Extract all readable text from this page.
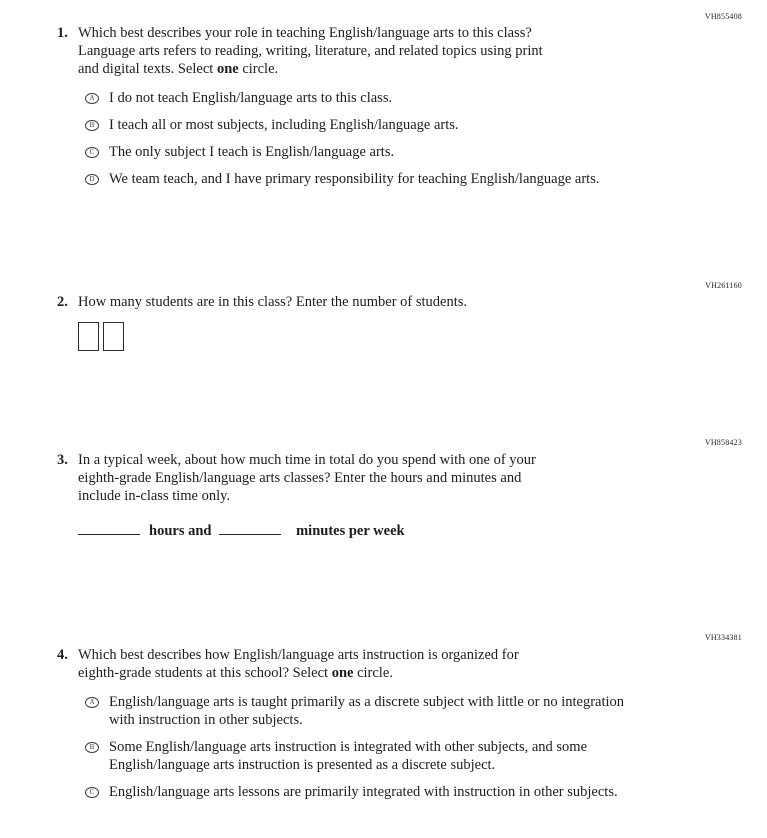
VH855408
1. Which best describes your role in teaching English/language arts to this class?
Language arts refers to reading, writing, literature, and related topics using print
and digital texts. Select one circle.
A I do not teach English/language arts to this class.
B I teach all or most subjects, including English/language arts.
C The only subject I teach is English/language arts.
D We team teach, and I have primary responsibility for teaching English/language arts.
VH261160
2. How many students are in this class? Enter the number of students.
VH858423
3. In a typical week, about how much time in total do you spend with one of your
eighth-grade English/language arts classes? Enter the hours and minutes and
include in-class time only.
hours and	minutes per week
VH334381
4. Which best describes how English/language arts instruction is organized for
eighth-grade students at this school? Select one circle.
A English/language arts is taught primarily as a discrete subject with little or no integration
with instruction in other subjects.
B Some English/language arts instruction is integrated with other subjects, and some
English/language arts instruction is presented as a discrete subject.
C English/language arts lessons are primarily integrated with instruction in other subjects.
